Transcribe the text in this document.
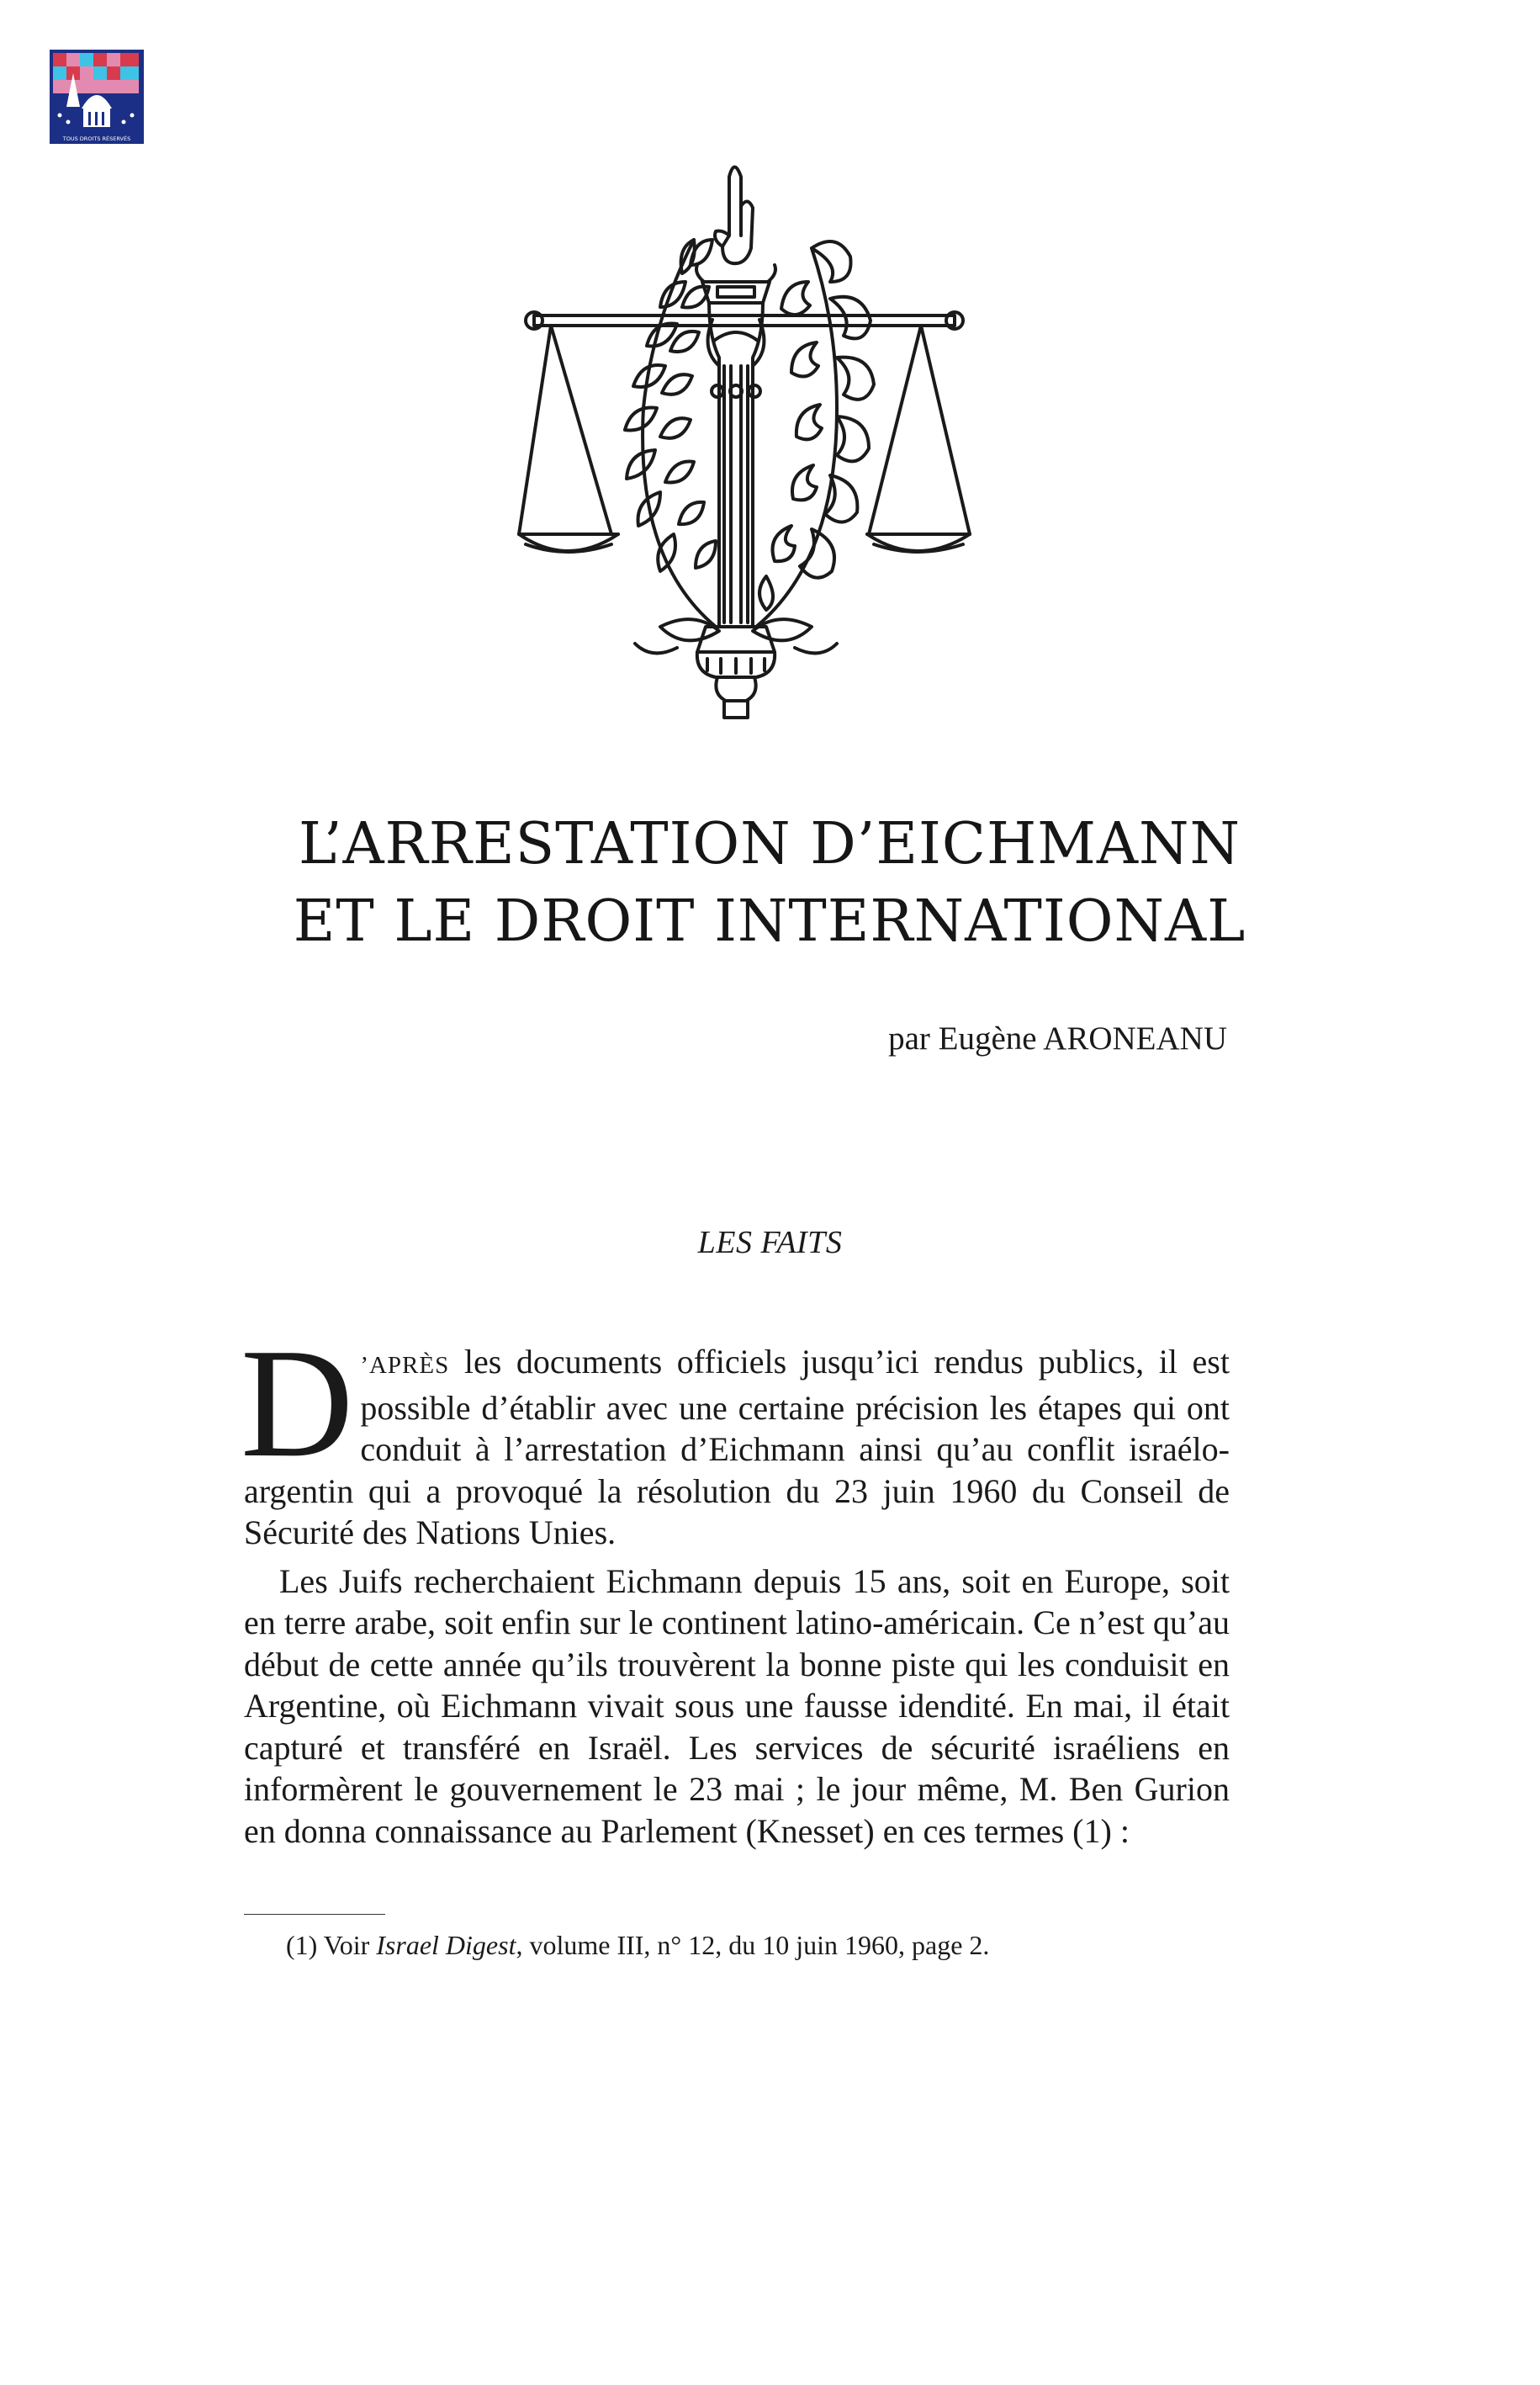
TOUS DROITS RÉSERVÉS
L’ARRESTATION D’EICHMANN
ET LE DROIT INTERNATIONAL
par Eugène ARONEANU
LES FAITS

D ’APRÈS les documents officiels jusqu’ici rendus publics, il est possible d’établir avec une certaine précision les étapes qui ont conduit à l’arrestation d’Eichmann ainsi qu’au conflit israélo-argentin qui a provoqué la résolution du 23 juin 1960 du Conseil de Sécurité des Nations Unies.

Les Juifs recherchaient Eichmann depuis 15 ans, soit en Europe, soit en terre arabe, soit enfin sur le continent latino-américain. Ce n’est qu’au début de cette année qu’ils trouvèrent la bonne piste qui les conduisit en Argentine, où Eichmann vivait sous une fausse idendité. En mai, il était capturé et transféré en Israël. Les services de sécurité israéliens en informèrent le gouvernement le 23 mai ; le jour même, M. Ben Gurion en donna connaissance au Parlement (Knesset) en ces termes (1) :

(1) Voir Israel Digest, volume III, n° 12, du 10 juin 1960, page 2.
